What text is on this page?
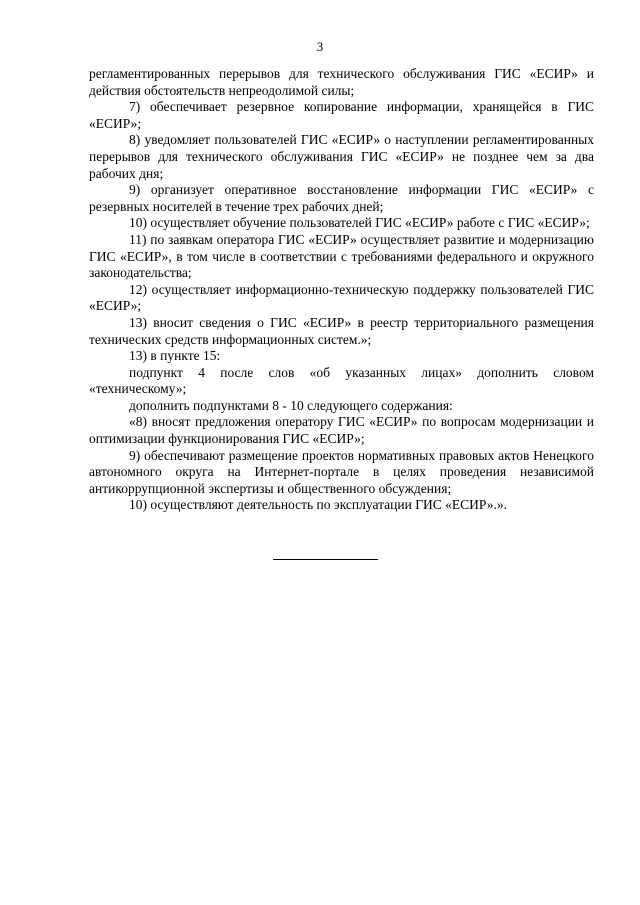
3

регламентированных перерывов для технического обслуживания ГИС «ЕСИР» и действия обстоятельств непреодолимой силы;

7) обеспечивает резервное копирование информации, хранящейся в ГИС «ЕСИР»;

8) уведомляет пользователей ГИС «ЕСИР» о наступлении регламентированных перерывов для технического обслуживания ГИС «ЕСИР» не позднее чем за два рабочих дня;

9) организует оперативное восстановление информации ГИС «ЕСИР» с резервных носителей в течение трех рабочих дней;

10) осуществляет обучение пользователей ГИС «ЕСИР» работе с ГИС «ЕСИР»;

11) по заявкам оператора ГИС «ЕСИР» осуществляет развитие и модернизацию ГИС «ЕСИР», в том числе в соответствии с требованиями федерального и окружного законодательства;

12) осуществляет информационно-техническую поддержку пользователей ГИС «ЕСИР»;

13) вносит сведения о ГИС «ЕСИР» в реестр территориального размещения технических средств информационных систем.»;

13) в пункте 15:

подпункт 4 после слов «об указанных лицах» дополнить словом «техническому»;

дополнить подпунктами 8 - 10 следующего содержания:

«8) вносят предложения оператору ГИС «ЕСИР» по вопросам модернизации и оптимизации функционирования ГИС «ЕСИР»;

9) обеспечивают размещение проектов нормативных правовых актов Ненецкого автономного округа на Интернет-портале в целях проведения независимой антикоррупционной экспертизы и общественного обсуждения;

10) осуществляют деятельность по эксплуатации ГИС «ЕСИР».».
